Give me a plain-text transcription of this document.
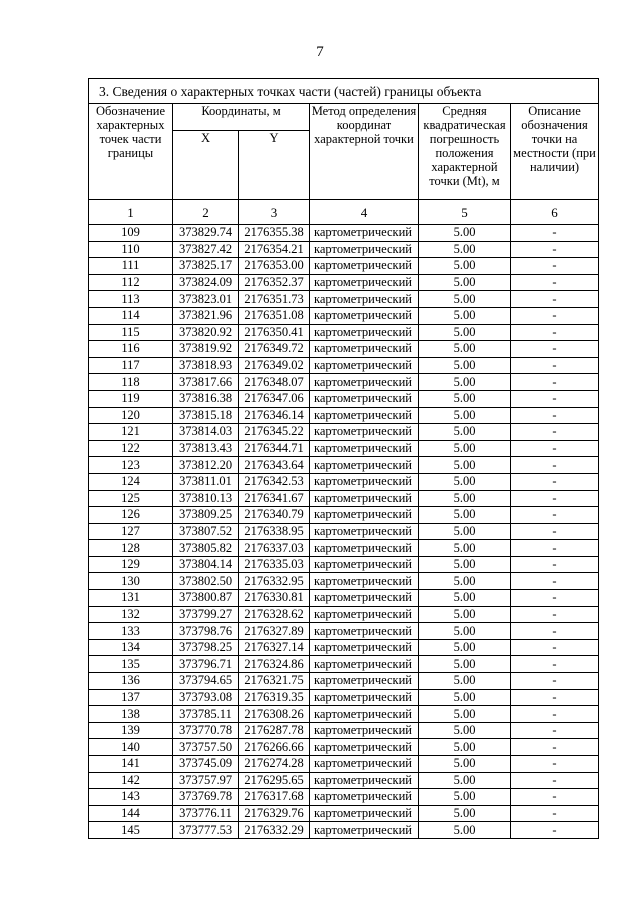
7
3. Сведения о характерных точках части (частей) границы объекта					
Обозначение характерных точек части границы	Координаты, м		Метод определения координат характерной точки	Средняя квадратическая погрешность положения характерной точки (Mt), м	Описание обозначения точки на местности (при наличии)
	X	Y			
1	2	3	4	5	6
109	373829.74	2176355.38	картометрический	5.00	-
110	373827.42	2176354.21	картометрический	5.00	-
111	373825.17	2176353.00	картометрический	5.00	-
112	373824.09	2176352.37	картометрический	5.00	-
113	373823.01	2176351.73	картометрический	5.00	-
114	373821.96	2176351.08	картометрический	5.00	-
115	373820.92	2176350.41	картометрический	5.00	-
116	373819.92	2176349.72	картометрический	5.00	-
117	373818.93	2176349.02	картометрический	5.00	-
118	373817.66	2176348.07	картометрический	5.00	-
119	373816.38	2176347.06	картометрический	5.00	-
120	373815.18	2176346.14	картометрический	5.00	-
121	373814.03	2176345.22	картометрический	5.00	-
122	373813.43	2176344.71	картометрический	5.00	-
123	373812.20	2176343.64	картометрический	5.00	-
124	373811.01	2176342.53	картометрический	5.00	-
125	373810.13	2176341.67	картометрический	5.00	-
126	373809.25	2176340.79	картометрический	5.00	-
127	373807.52	2176338.95	картометрический	5.00	-
128	373805.82	2176337.03	картометрический	5.00	-
129	373804.14	2176335.03	картометрический	5.00	-
130	373802.50	2176332.95	картометрический	5.00	-
131	373800.87	2176330.81	картометрический	5.00	-
132	373799.27	2176328.62	картометрический	5.00	-
133	373798.76	2176327.89	картометрический	5.00	-
134	373798.25	2176327.14	картометрический	5.00	-
135	373796.71	2176324.86	картометрический	5.00	-
136	373794.65	2176321.75	картометрический	5.00	-
137	373793.08	2176319.35	картометрический	5.00	-
138	373785.11	2176308.26	картометрический	5.00	-
139	373770.78	2176287.78	картометрический	5.00	-
140	373757.50	2176266.66	картометрический	5.00	-
141	373745.09	2176274.28	картометрический	5.00	-
142	373757.97	2176295.65	картометрический	5.00	-
143	373769.78	2176317.68	картометрический	5.00	-
144	373776.11	2176329.76	картометрический	5.00	-
145	373777.53	2176332.29	картометрический	5.00	-
